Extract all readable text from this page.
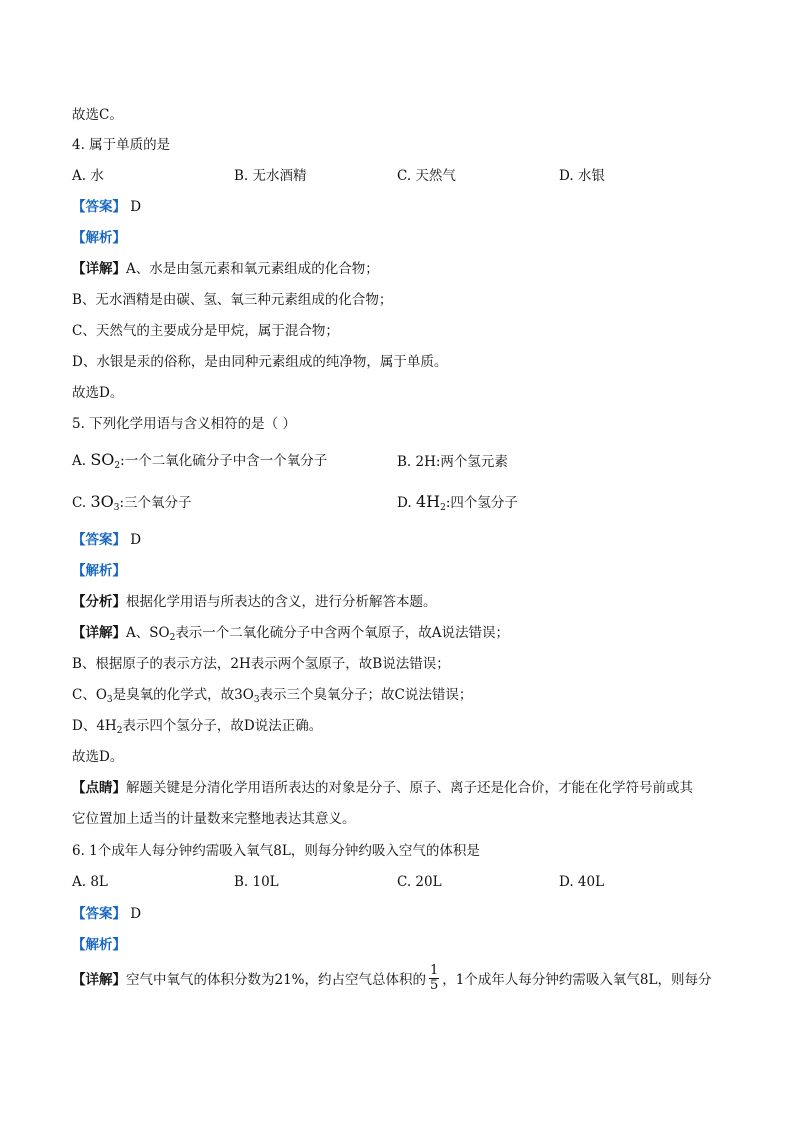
故选C。
4. 属于单质的是
A. 水	B. 无水酒精	C. 天然气	D. 水银
【答案】 D
【解析】
【详解】A、水是由氢元素和氧元素组成的化合物；
B、无水酒精是由碳、氢、氧三种元素组成的化合物；
C、天然气的主要成分是甲烷，属于混合物；
D、水银是汞的俗称，是由同种元素组成的纯净物，属于单质。
故选D。
5. 下列化学用语与含义相符的是（ ）
A. $SO_2$:一个二氧化硫分子中含一个氧分子	B. 2H:两个氢元素
C. $3O_3$:三个氧分子	D. $4H_2$:四个氢分子
【答案】 D
【解析】
【分析】根据化学用语与所表达的含义，进行分析解答本题。
【详解】A、$SO_2$表示一个二氧化硫分子中含两个氧原子，故A说法错误；
B、根据原子的表示方法，2H表示两个氢原子，故B说法错误；
C、$O_3$是臭氧的化学式，故$3O_3$表示三个臭氧分子；故C说法错误；
D、$4H_2$表示四个氢分子，故D说法正确。
故选D。
【点睛】解题关键是分清化学用语所表达的对象是分子、原子、离子还是化合价，才能在化学符号前或其
它位置加上适当的计量数来完整地表达其意义。
6. 1个成年人每分钟约需吸入氧气8L，则每分钟约吸入空气的体积是
A. 8L	B. 10L	C. 20L	D. 40L
【答案】 D
【解析】
【详解】空气中氧气的体积分数为21%，约占空气总体积的 $\frac{1}{5}$ ，1个成年人每分钟约需吸入氧气8L，则每分
